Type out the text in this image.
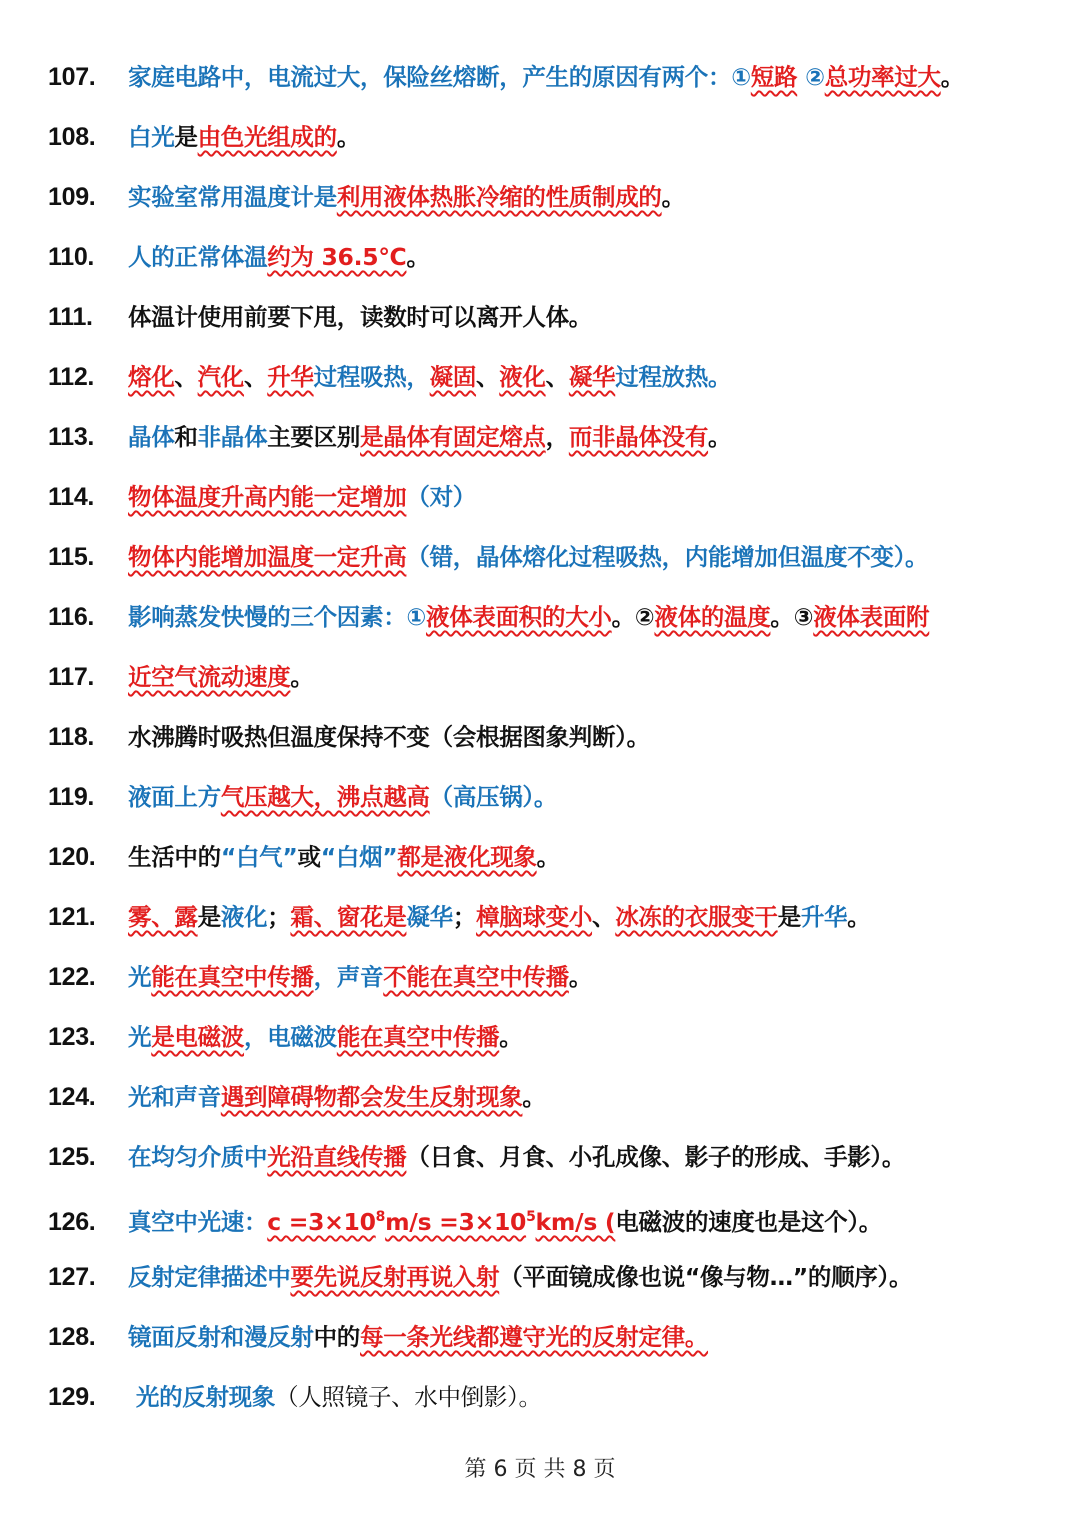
107. 家庭电路中，电流过大，保险丝熔断，产生的原因有两个：①短路 ②总功率过大。
108. 白光是由色光组成的。
109. 实验室常用温度计是利用液体热胀冷缩的性质制成的。
110. 人的正常体温约为 36.5℃。
111. 体温计使用前要下甩，读数时可以离开人体。
112. 熔化、汽化、升华过程吸热，凝固、液化、凝华过程放热。
113. 晶体和非晶体主要区别是晶体有固定熔点，而非晶体没有。
114. 物体温度升高内能一定增加（对）
115. 物体内能增加温度一定升高（错，晶体熔化过程吸热，内能增加但温度不变）。
116. 影响蒸发快慢的三个因素：①液体表面积的大小。②液体的温度。③液体表面附
117. 近空气流动速度。
118. 水沸腾时吸热但温度保持不变（会根据图象判断）。
119. 液面上方气压越大，沸点越高（高压锅）。
120. 生活中的“白气”或“白烟”都是液化现象。
121. 雾、露是液化；霜、窗花是凝华；樟脑球变小、冰冻的衣服变干是升华。
122. 光能在真空中传播，声音不能在真空中传播。
123. 光是电磁波，电磁波能在真空中传播。
124. 光和声音遇到障碍物都会发生反射现象。
125. 在均匀介质中光沿直线传播（日食、月食、小孔成像、影子的形成、手影）。
126. 真空中光速：$c =3\times 10^8m/s =3\times 10^5km/s$ (电磁波的速度也是这个）。
127. 反射定律描述中要先说反射再说入射（平面镜成像也说“像与物…”的顺序）。
128. 镜面反射和漫反射中的每一条光线都遵守光的反射定律。
129. 光的反射现象（人照镜子、水中倒影）。
第 6 页 共 8 页
